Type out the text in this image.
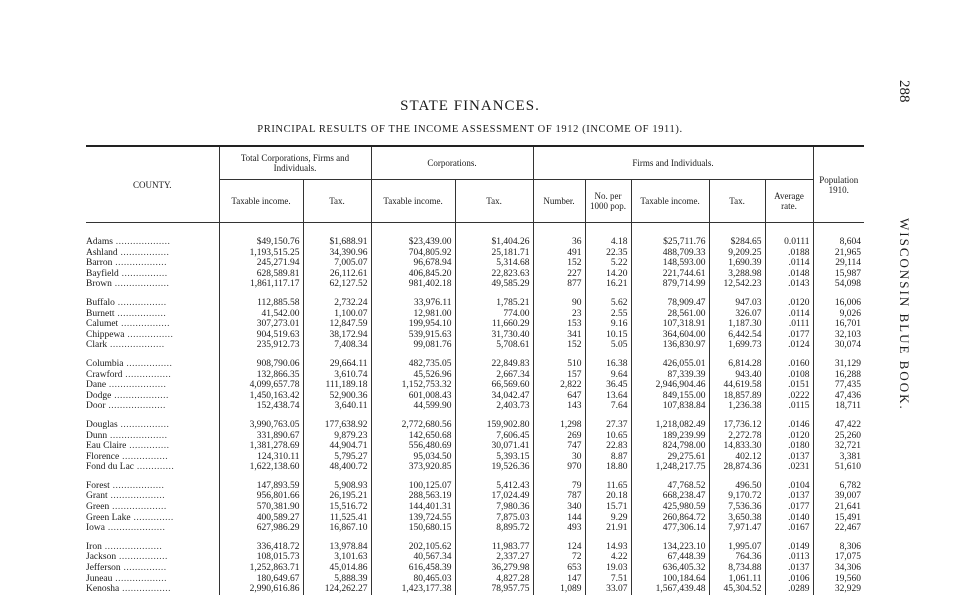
288
WISCONSIN BLUE BOOK.
STATE FINANCES.
PRINCIPAL RESULTS OF THE INCOME ASSESSMENT OF 1912 (INCOME OF 1911).
COUNTY.	Total Corporations, Firms and Individuals.		Corporations.		Firms and Individuals.					Population 1910.
	Taxable income.	Tax.	Taxable income.	Tax.	Number.	No. per 1000 pop.	Taxable income.	Tax.	Average rate.	

Adams ...................	$49,150.76	$1,688.91	$23,439.00	$1,404.26	36	4.18	$25,711.76	$284.65	0.0111	8,604
Ashland .................	1,193,515.25	34,390.96	704,805.92	25,181.71	491	22.35	488,709.33	9,209.25	.0188	21,965
Barron ..................	245,271.94	7,005.07	96,678.94	5,314.68	152	5.22	148,593.00	1,690.39	.0114	29,114
Bayfield ................	628,589.81	26,112.61	406,845.20	22,823.63	227	14.20	221,744.61	3,288.98	.0148	15,987
Brown ...................	1,861,117.17	62,127.52	981,402.18	49,585.29	877	16.21	879,714.99	12,542.23	.0143	54,098

Buffalo .................	112,885.58	2,732.24	33,976.11	1,785.21	90	5.62	78,909.47	947.03	.0120	16,006
Burnett .................	41,542.00	1,100.07	12,981.00	774.00	23	2.55	28,561.00	326.07	.0114	9,026
Calumet .................	307,273.01	12,847.59	199,954.10	11,660.29	153	9.16	107,318.91	1,187.30	.0111	16,701
Chippewa ................	904,519.63	38,172.94	539,915.63	31,730.40	341	10.15	364,604.00	6,442.54	.0177	32,103
Clark ...................	235,912.73	7,408.34	99,081.76	5,708.61	152	5.05	136,830.97	1,699.73	.0124	30,074

Columbia ................	908,790.06	29,664.11	482,735.05	22,849.83	510	16.38	426,055.01	6,814.28	.0160	31,129
Crawford ................	132,866.35	3,610.74	45,526.96	2,667.34	157	9.64	87,339.39	943.40	.0108	16,288
Dane ....................	4,099,657.78	111,189.18	1,152,753.32	66,569.60	2,822	36.45	2,946,904.46	44,619.58	.0151	77,435
Dodge ...................	1,450,163.42	52,900.36	601,008.43	34,042.47	647	13.64	849,155.00	18,857.89	.0222	47,436
Door ....................	152,438.74	3,640.11	44,599.90	2,403.73	143	7.64	107,838.84	1,236.38	.0115	18,711

Douglas .................	3,990,763.05	177,638.92	2,772,680.56	159,902.80	1,298	27.37	1,218,082.49	17,736.12	.0146	47,422
Dunn ....................	331,890.67	9,879.23	142,650.68	7,606.45	269	10.65	189,239.99	2,272.78	.0120	25,260
Eau Claire ..............	1,381,278.69	44,904.71	556,480.69	30,071.41	747	22.83	824,798.00	14,833.30	.0180	32,721
Florence ................	124,310.11	5,795.27	95,034.50	5,393.15	30	8.87	29,275.61	402.12	.0137	3,381
Fond du Lac .............	1,622,138.60	48,400.72	373,920.85	19,526.36	970	18.80	1,248,217.75	28,874.36	.0231	51,610

Forest ..................	147,893.59	5,908.93	100,125.07	5,412.43	79	11.65	47,768.52	496.50	.0104	6,782
Grant ...................	956,801.66	26,195.21	288,563.19	17,024.49	787	20.18	668,238.47	9,170.72	.0137	39,007
Green ...................	570,381.90	15,516.72	144,401.31	7,980.36	340	15.71	425,980.59	7,536.36	.0177	21,641
Green Lake ..............	400,589.27	11,525.41	139,724.55	7,875.03	144	9.29	260,864.72	3,650.38	.0140	15,491
Iowa ....................	627,986.29	16,867.10	150,680.15	8,895.72	493	21.91	477,306.14	7,971.47	.0167	22,467

Iron ....................	336,418.72	13,978.84	202,105.62	11,983.77	124	14.93	134,223.10	1,995.07	.0149	8,306
Jackson .................	108,015.73	3,101.63	40,567.34	2,337.27	72	4.22	67,448.39	764.36	.0113	17,075
Jefferson ...............	1,252,863.71	45,014.86	616,458.39	36,279.98	653	19.03	636,405.32	8,734.88	.0137	34,306
Juneau ..................	180,649.67	5,888.39	80,465.03	4,827.28	147	7.51	100,184.64	1,061.11	.0106	19,560
Kenosha .................	2,990,616.86	124,262.27	1,423,177.38	78,957.75	1,089	33.07	1,567,439.48	45,304.52	.0289	32,929
